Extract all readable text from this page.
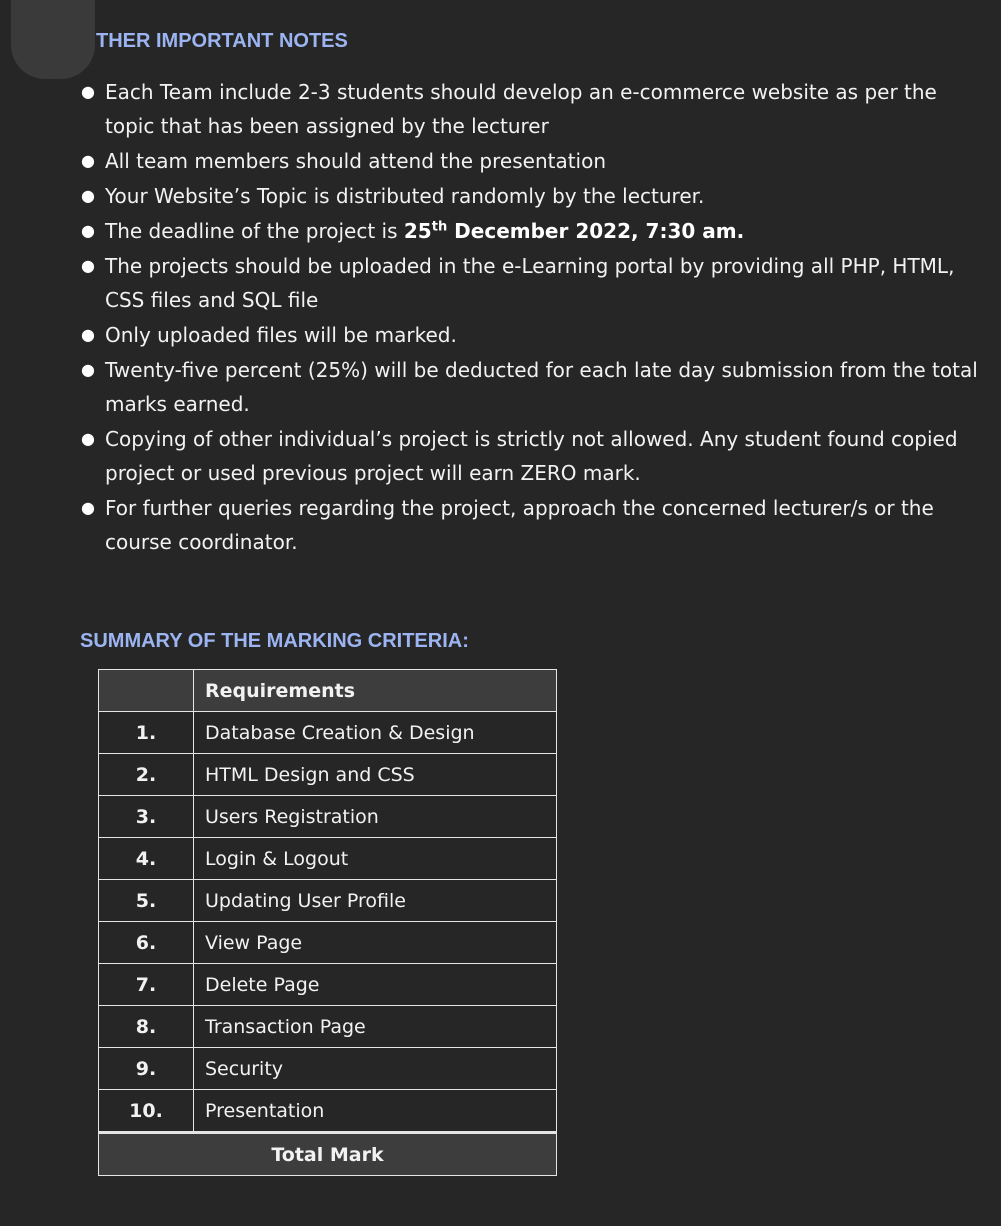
THER IMPORTANT NOTES
● Each Team include 2-3 students should develop an e-commerce website as per the topic that has been assigned by the lecturer
● All team members should attend the presentation
● Your Website’s Topic is distributed randomly by the lecturer.
● The deadline of the project is 25th December 2022, 7:30 am.
● The projects should be uploaded in the e-Learning portal by providing all PHP, HTML, CSS files and SQL file
● Only uploaded files will be marked.
● Twenty-five percent (25%) will be deducted for each late day submission from the total marks earned.
● Copying of other individual’s project is strictly not allowed. Any student found copied project or used previous project will earn ZERO mark.
● For further queries regarding the project, approach the concerned lecturer/s or the course coordinator.
SUMMARY OF THE MARKING CRITERIA:
	Requirements
1.	Database Creation & Design
2.	HTML Design and CSS
3.	Users Registration
4.	Login & Logout
5.	Updating User Profile
6.	View Page
7.	Delete Page
8.	Transaction Page
9.	Security
10.	Presentation
Total Mark	
